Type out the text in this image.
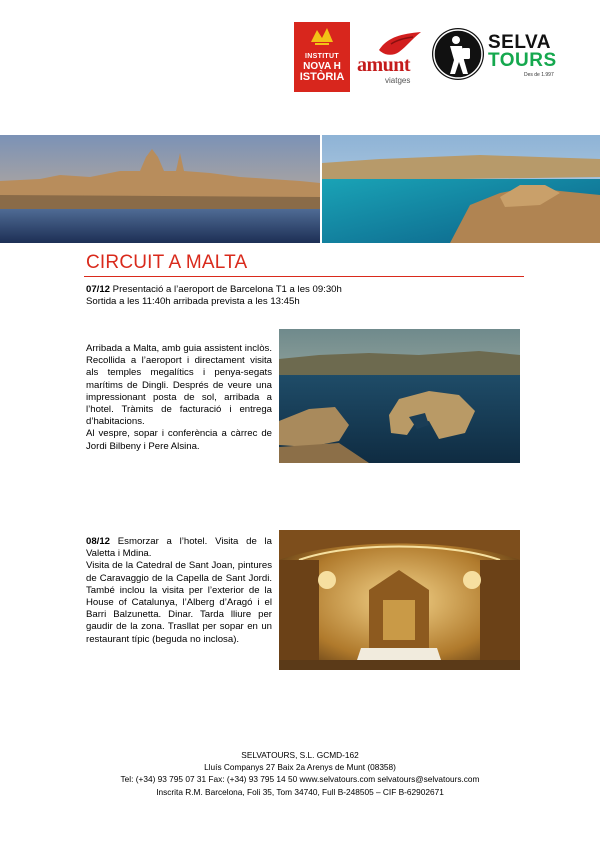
INSTITUT
NOVA H
ISTÒRIA
amunt
viatges
SELVA
TOURS
Des de 1.997
CIRCUIT A MALTA
07/12 Presentació a l’aeroport de Barcelona T1 a les 09:30h
Sortida a les 11:40h arribada prevista a les 13:45h
Arribada a Malta, amb guia assistent inclòs. Recollida a l’aeroport i directament visita als temples megalítics i penya-segats marítims de Dingli. Després de veure una impressionant posta de sol, arribada a l’hotel. Tràmits de facturació i entrega d’habitacions.
Al vespre, sopar i conferència a càrrec de Jordi Bilbeny i Pere Alsina.
08/12 Esmorzar a l’hotel. Visita de la Valetta i Mdina.
Visita de la Catedral de Sant Joan, pintures de Caravaggio de la Capella de Sant Jordi. També inclou la visita per l’exterior de la House of Catalunya, l’Alberg d’Aragó i el Barri Balzunetta. Dinar. Tarda lliure per gaudir de la zona. Trasllat per sopar en un restaurant típic (beguda no inclosa).
SELVATOURS, S.L. GCMD-162
Lluís Companys 27 Baix 2a Arenys de Munt (08358)
Tel: (+34) 93 795 07 31 Fax: (+34) 93 795 14 50 www.selvatours.com selvatours@selvatours.com
Inscrita R.M. Barcelona, Foli 35, Tom 34740, Full B-248505 – CIF B-62902671
